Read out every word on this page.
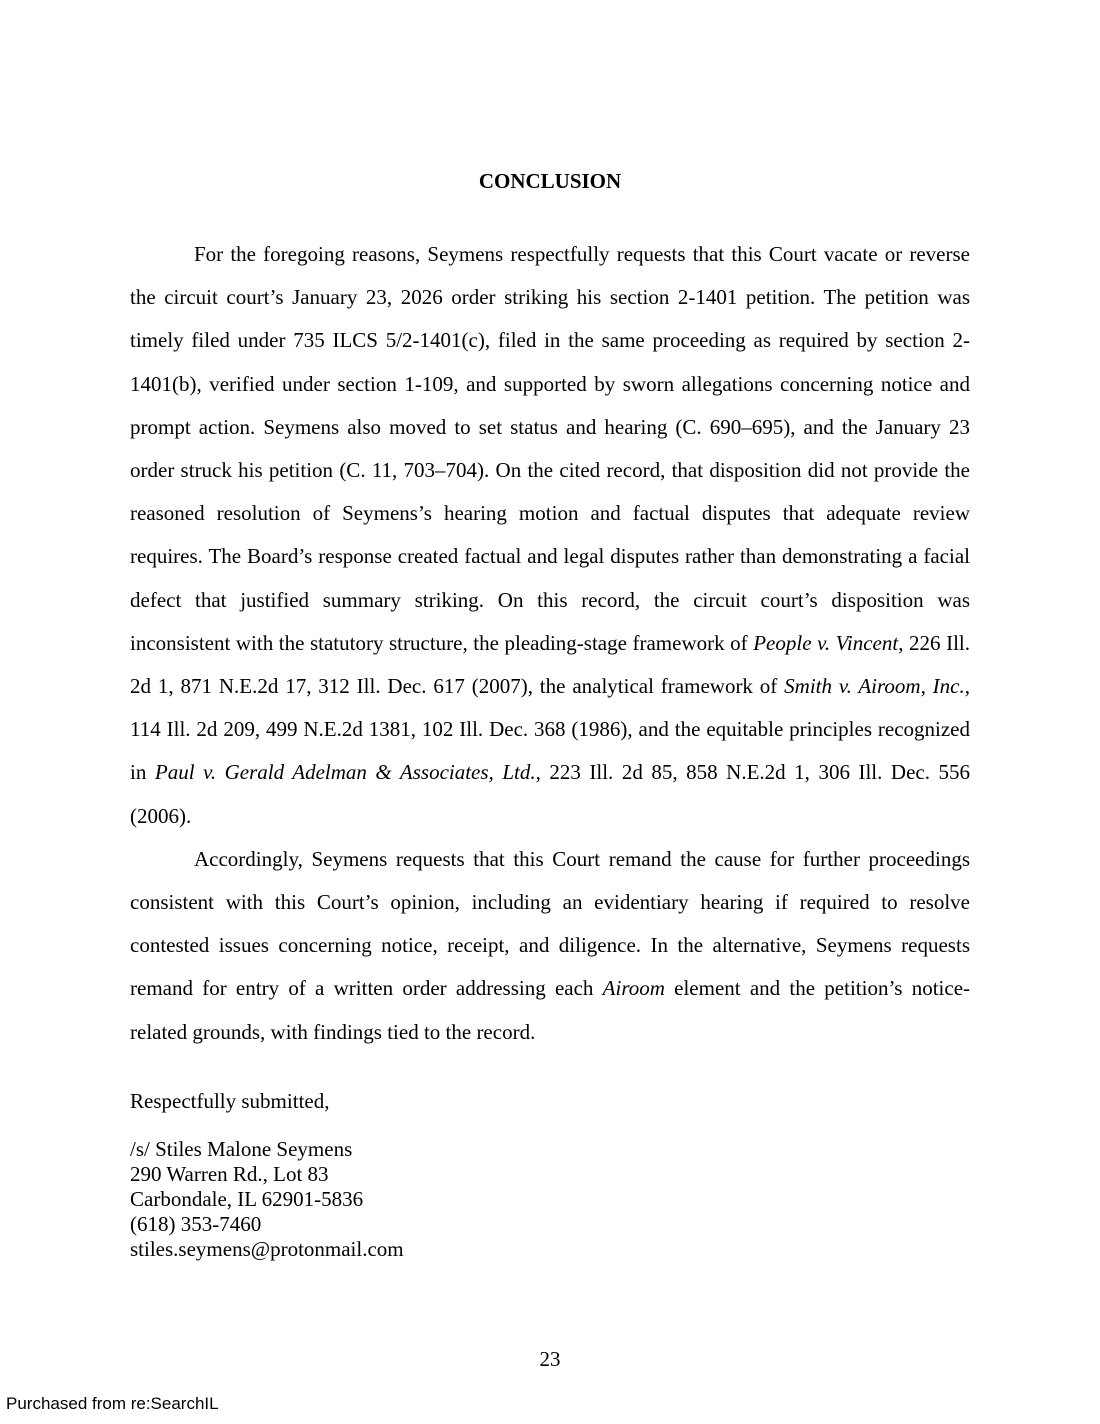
CONCLUSION

For the foregoing reasons, Seymens respectfully requests that this Court vacate or reverse the circuit court’s January 23, 2026 order striking his section 2-1401 petition. The petition was timely filed under 735 ILCS 5/2-1401(c), filed in the same proceeding as required by section 2-1401(b), verified under section 1-109, and supported by sworn allegations concerning notice and prompt action. Seymens also moved to set status and hearing (C. 690–695), and the January 23 order struck his petition (C. 11, 703–704). On the cited record, that disposition did not provide the reasoned resolution of Seymens’s hearing motion and factual disputes that adequate review requires. The Board’s response created factual and legal disputes rather than demonstrating a facial defect that justified summary striking. On this record, the circuit court’s disposition was inconsistent with the statutory structure, the pleading-stage framework of People v. Vincent, 226 Ill. 2d 1, 871 N.E.2d 17, 312 Ill. Dec. 617 (2007), the analytical framework of Smith v. Airoom, Inc., 114 Ill. 2d 209, 499 N.E.2d 1381, 102 Ill. Dec. 368 (1986), and the equitable principles recognized in Paul v. Gerald Adelman & Associates, Ltd., 223 Ill. 2d 85, 858 N.E.2d 1, 306 Ill. Dec. 556 (2006).

Accordingly, Seymens requests that this Court remand the cause for further proceedings consistent with this Court’s opinion, including an evidentiary hearing if required to resolve contested issues concerning notice, receipt, and diligence. In the alternative, Seymens requests remand for entry of a written order addressing each Airoom element and the petition’s notice-related grounds, with findings tied to the record.

Respectfully submitted,
/s/ Stiles Malone Seymens
290 Warren Rd., Lot 83
Carbondale, IL 62901-5836
(618) 353-7460
stiles.seymens@protonmail.com
23
Purchased from re:SearchIL
